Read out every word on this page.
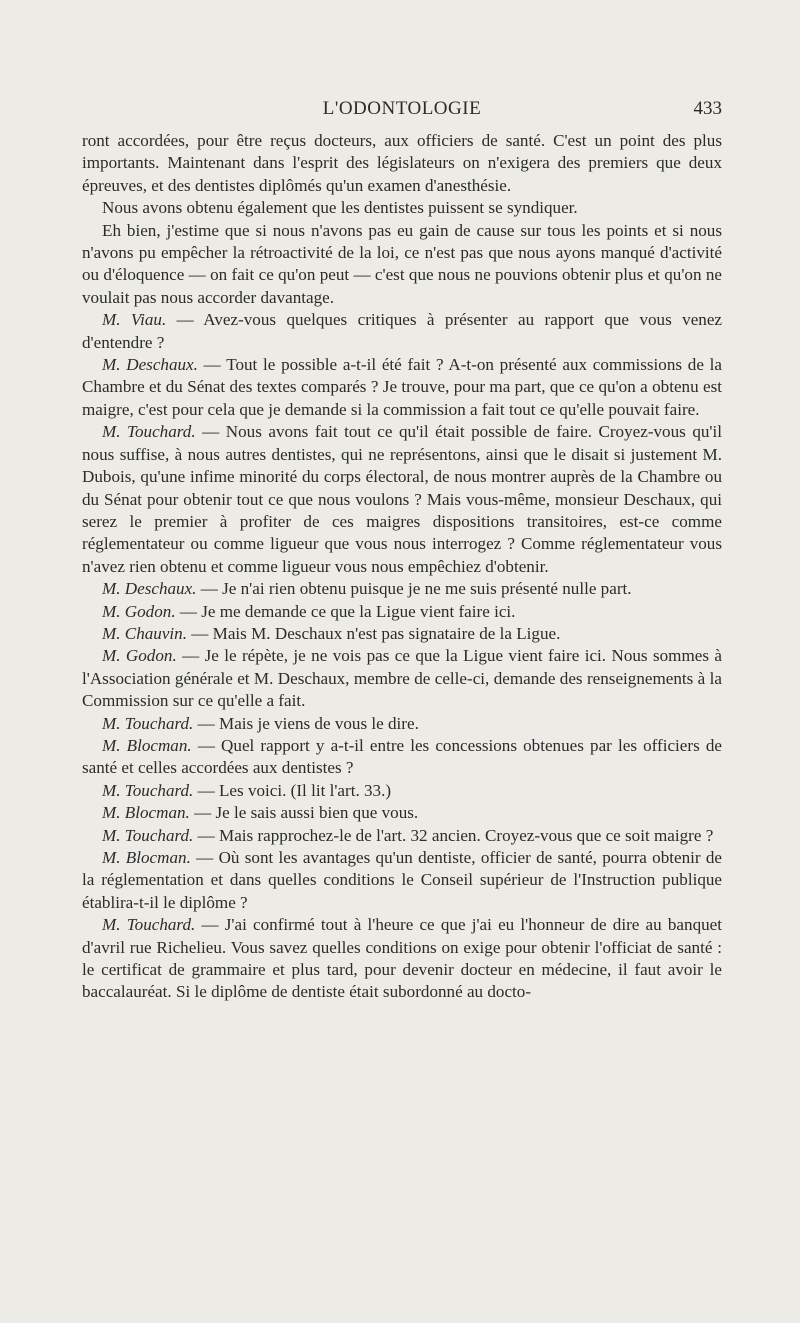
L'ODONTOLOGIE	433

ront accordées, pour être reçus docteurs, aux officiers de santé. C'est un point des plus importants. Maintenant dans l'esprit des législateurs on n'exigera des premiers que deux épreuves, et des dentistes diplômés qu'un examen d'anesthésie.

Nous avons obtenu également que les dentistes puissent se syndiquer.

Eh bien, j'estime que si nous n'avons pas eu gain de cause sur tous les points et si nous n'avons pu empêcher la rétroactivité de la loi, ce n'est pas que nous ayons manqué d'activité ou d'éloquence — on fait ce qu'on peut — c'est que nous ne pouvions obtenir plus et qu'on ne voulait pas nous accorder davantage.

M. Viau. — Avez-vous quelques critiques à présenter au rapport que vous venez d'entendre ?

M. Deschaux. — Tout le possible a-t-il été fait ? A-t-on présenté aux commissions de la Chambre et du Sénat des textes comparés ? Je trouve, pour ma part, que ce qu'on a obtenu est maigre, c'est pour cela que je demande si la commission a fait tout ce qu'elle pouvait faire.

M. Touchard. — Nous avons fait tout ce qu'il était possible de faire. Croyez-vous qu'il nous suffise, à nous autres dentistes, qui ne représentons, ainsi que le disait si justement M. Dubois, qu'une infime minorité du corps électoral, de nous montrer auprès de la Chambre ou du Sénat pour obtenir tout ce que nous voulons ? Mais vous-même, monsieur Deschaux, qui serez le premier à profiter de ces maigres dispositions transitoires, est-ce comme réglementateur ou comme ligueur que vous nous interrogez ? Comme réglementateur vous n'avez rien obtenu et comme ligueur vous nous empêchiez d'obtenir.

M. Deschaux. — Je n'ai rien obtenu puisque je ne me suis présenté nulle part.

M. Godon. — Je me demande ce que la Ligue vient faire ici.

M. Chauvin. — Mais M. Deschaux n'est pas signataire de la Ligue.

M. Godon. — Je le répète, je ne vois pas ce que la Ligue vient faire ici. Nous sommes à l'Association générale et M. Deschaux, membre de celle-ci, demande des renseignements à la Commission sur ce qu'elle a fait.

M. Touchard. — Mais je viens de vous le dire.

M. Blocman. — Quel rapport y a-t-il entre les concessions obtenues par les officiers de santé et celles accordées aux dentistes ?

M. Touchard. — Les voici. (Il lit l'art. 33.)

M. Blocman. — Je le sais aussi bien que vous.

M. Touchard. — Mais rapprochez-le de l'art. 32 ancien. Croyez-vous que ce soit maigre ?

M. Blocman. — Où sont les avantages qu'un dentiste, officier de santé, pourra obtenir de la réglementation et dans quelles conditions le Conseil supérieur de l'Instruction publique établira-t-il le diplôme ?

M. Touchard. — J'ai confirmé tout à l'heure ce que j'ai eu l'honneur de dire au banquet d'avril rue Richelieu. Vous savez quelles conditions on exige pour obtenir l'officiat de santé : le certificat de grammaire et plus tard, pour devenir docteur en médecine, il faut avoir le baccalauréat. Si le diplôme de dentiste était subordonné au docto-
